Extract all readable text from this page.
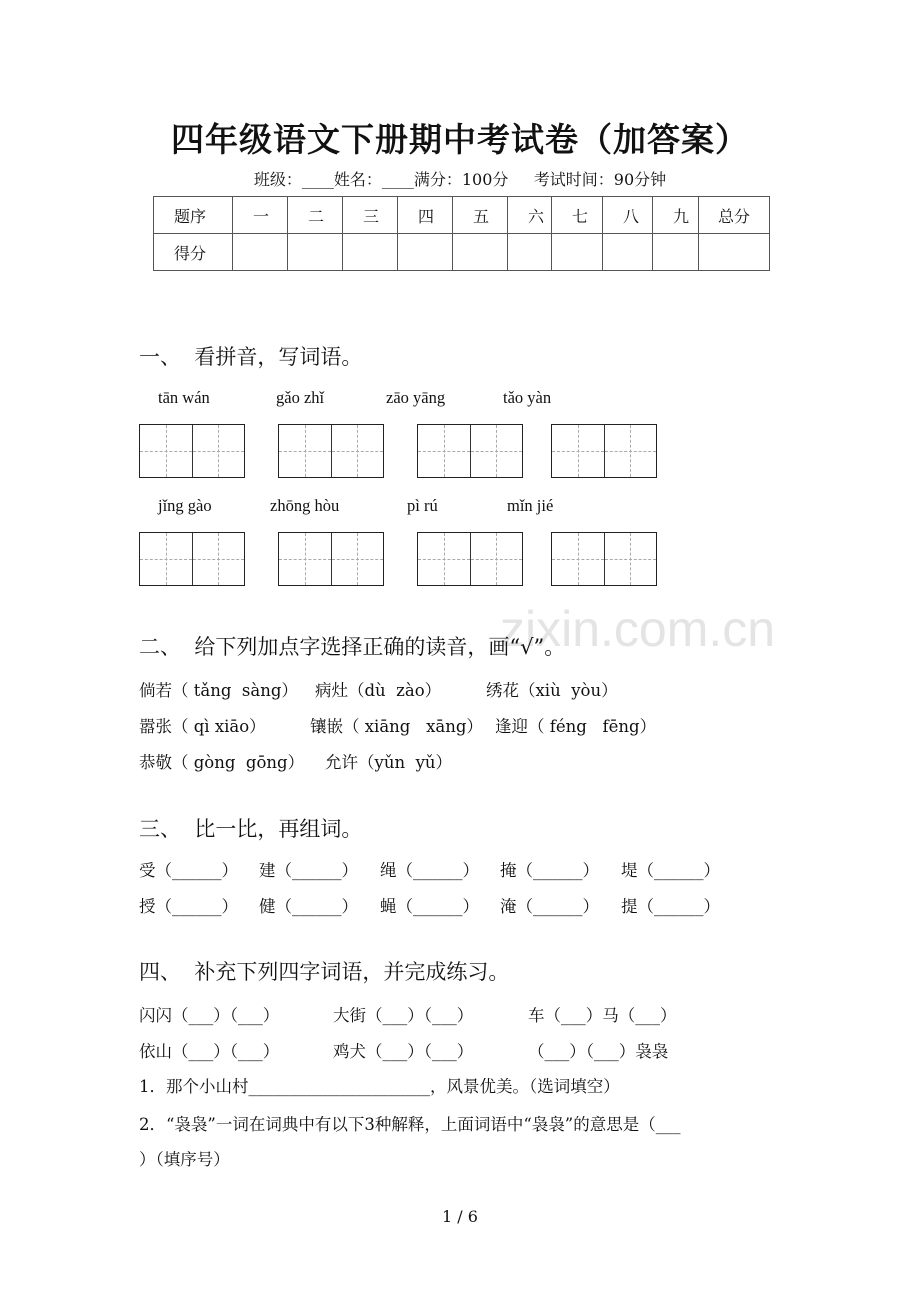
zixin.com.cn
四年级语文下册期中考试卷（加答案）
班级：____姓名：____满分：100分     考试时间：90分钟
题序	一	二	三	四	五	六	七	八	九	总分
得分										
一、  看拼音，写词语。
tān wán	gǎo zhǐ	zāo yāng	tǎo yàn
jǐng gào	zhōng hòu	pì rú	mǐn jié
二、  给下列加点字选择正确的读音，画“√”。
倘若（ tǎng  sàng） 病灶（dù  zào）	绣花（xiù  yòu）
嚣张（ qì xiāo）	镶嵌（ xiāng   xāng） 逢迎（ féng   fēng）
恭敬（ gòng  gōng） 允许（yǔn  yǔ）
三、  比一比，再组词。
受（______） 建（______） 绳（______） 掩（______） 堤（______）
授（______） 健（______） 蝇（______） 淹（______） 提（______）
四、  补充下列四字词语，并完成练习。
闪闪（___）（___）	大街（___）（___）	车（___）马（___）
依山（___）（___）	鸡犬（___）（___）	（___）（___）袅袅
1．那个小山村______________________，风景优美。（选词填空）
2．“袅袅”一词在词典中有以下3种解释，上面词语中“袅袅”的意思是（___
）（填序号）
1 / 6
